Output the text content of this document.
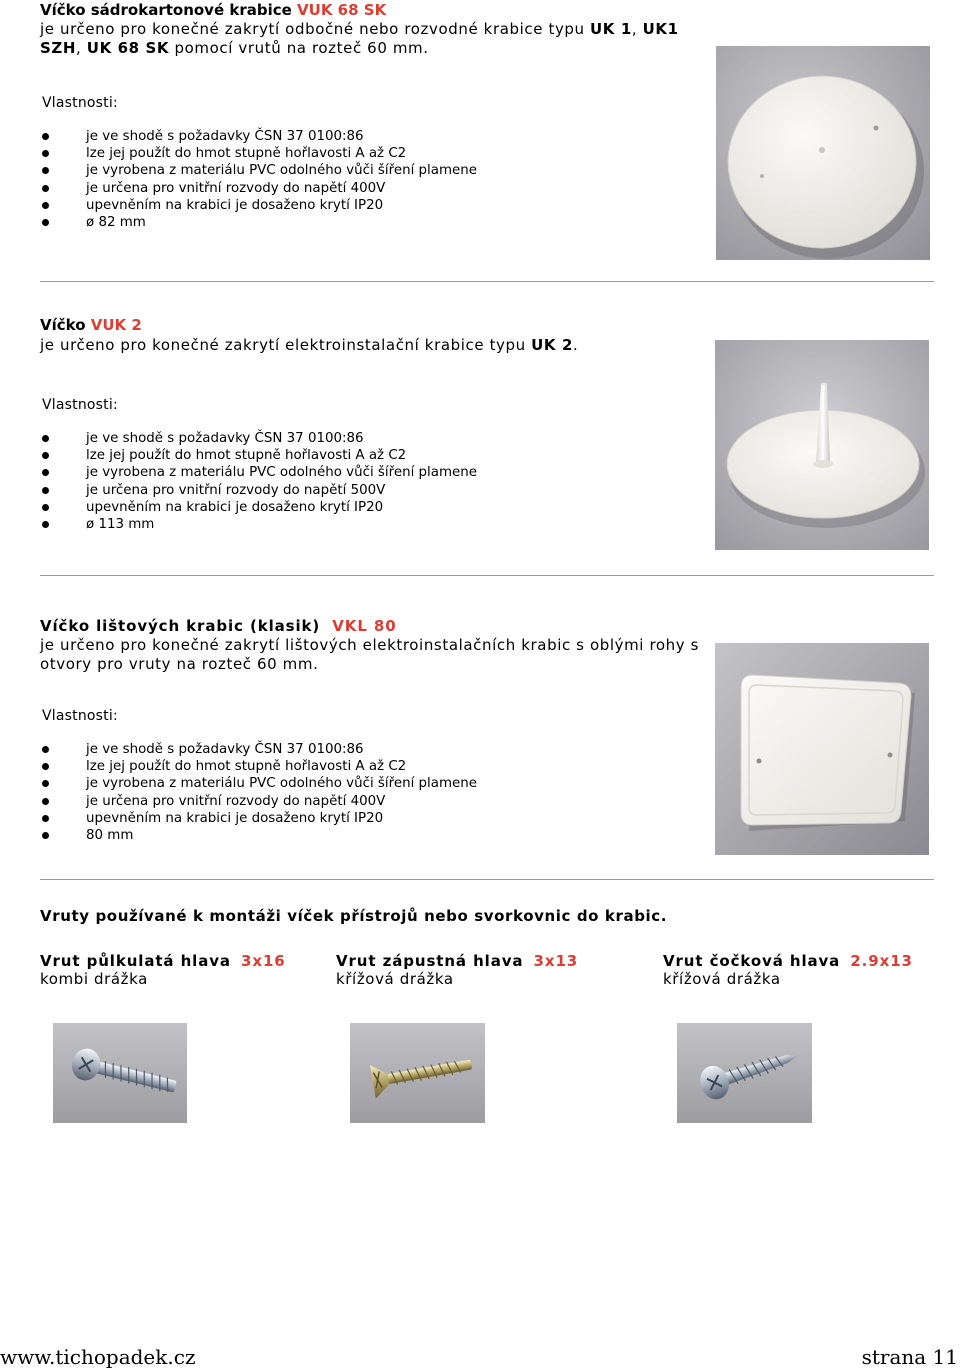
Víčko sádrokartonové krabice VUK 68 SK
je určeno pro konečné zakrytí odbočné nebo rozvodné krabice typu UK 1, UK1
SZH, UK 68 SK pomocí vrutů na rozteč 60 mm.
Vlastnosti:
je ve shodě s požadavky ČSN 37 0100:86
lze jej použít do hmot stupně hořlavosti A až C2
je vyrobena z materiálu PVC odolného vůči šíření plamene
je určena pro vnitřní rozvody do napětí 400V
upevněním na krabici je dosaženo krytí IP20
ø 82 mm
Víčko VUK 2
je určeno pro konečné zakrytí elektroinstalační krabice typu UK 2.
Vlastnosti:
je ve shodě s požadavky ČSN 37 0100:86
lze jej použít do hmot stupně hořlavosti A až C2
je vyrobena z materiálu PVC odolného vůči šíření plamene
je určena pro vnitřní rozvody do napětí 500V
upevněním na krabici je dosaženo krytí IP20
ø 113 mm
Víčko lištových krabic (klasik) VKL 80
je určeno pro konečné zakrytí lištových elektroinstalačních krabic s oblými rohy s
otvory pro vruty na rozteč 60 mm.
Vlastnosti:
je ve shodě s požadavky ČSN 37 0100:86
lze jej použít do hmot stupně hořlavosti A až C2
je vyrobena z materiálu PVC odolného vůči šíření plamene
je určena pro vnitřní rozvody do napětí 400V
upevněním na krabici je dosaženo krytí IP20
80 mm
Vruty používané k montáži víček přístrojů nebo svorkovnic do krabic.
Vrut půlkulatá hlava 3x16
kombi drážka
Vrut zápustná hlava 3x13
křížová drážka
Vrut čočková hlava 2.9x13
křížová drážka
www.tichopadek.cz	strana 11
